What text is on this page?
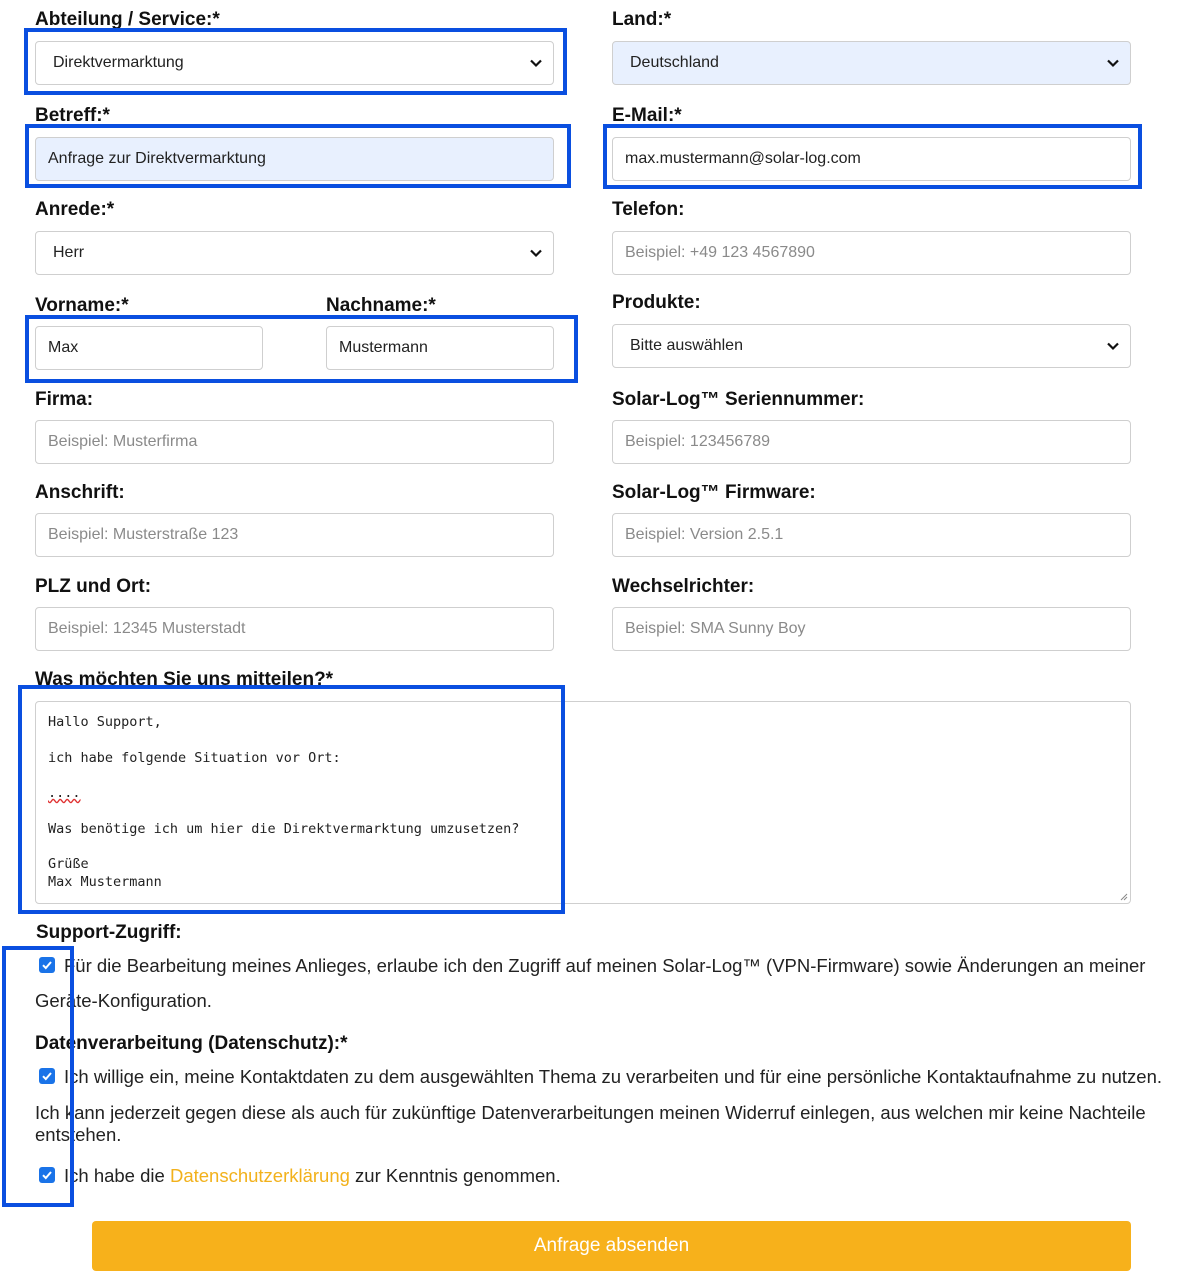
Abteilung / Service:*
Direktvermarktung
Betreff:*
Anfrage zur Direktvermarktung
Anrede:*
Herr
Vorname:*
Max	Nachname:*
Mustermann
Firma:
Beispiel: Musterfirma
Anschrift:
Beispiel: Musterstraße 123
PLZ und Ort:
Beispiel: 12345 Musterstadt
Land:*
Deutschland
E-Mail:*
max.mustermann@solar-log.com
Telefon:
Beispiel: +49 123 4567890
Produkte:
Bitte auswählen
Solar-Log™ Seriennummer:
Beispiel: 123456789
Solar-Log™ Firmware:
Beispiel: Version 2.5.1
Wechselrichter:
Beispiel: SMA Sunny Boy
Was möchten Sie uns mitteilen?*
Hallo Support,
ich habe folgende Situation vor Ort:
....
Was benötige ich um hier die Direktvermarktung umzusetzen?
Grüße
Max Mustermann
Support-Zugriff:
Für die Bearbeitung meines Anlieges, erlaube ich den Zugriff auf meinen Solar-Log™ (VPN-Firmware) sowie Änderungen an meiner
Geräte-Konfiguration.
Datenverarbeitung (Datenschutz):*
Ich willige ein, meine Kontaktdaten zu dem ausgewählten Thema zu verarbeiten und für eine persönliche Kontaktaufnahme zu nutzen.
Ich kann jederzeit gegen diese als auch für zukünftige Datenverarbeitungen meinen Widerruf einlegen, aus welchen mir keine Nachteile
entstehen.
Ich habe die Datenschutzerklärung zur Kenntnis genommen.
Anfrage absenden
